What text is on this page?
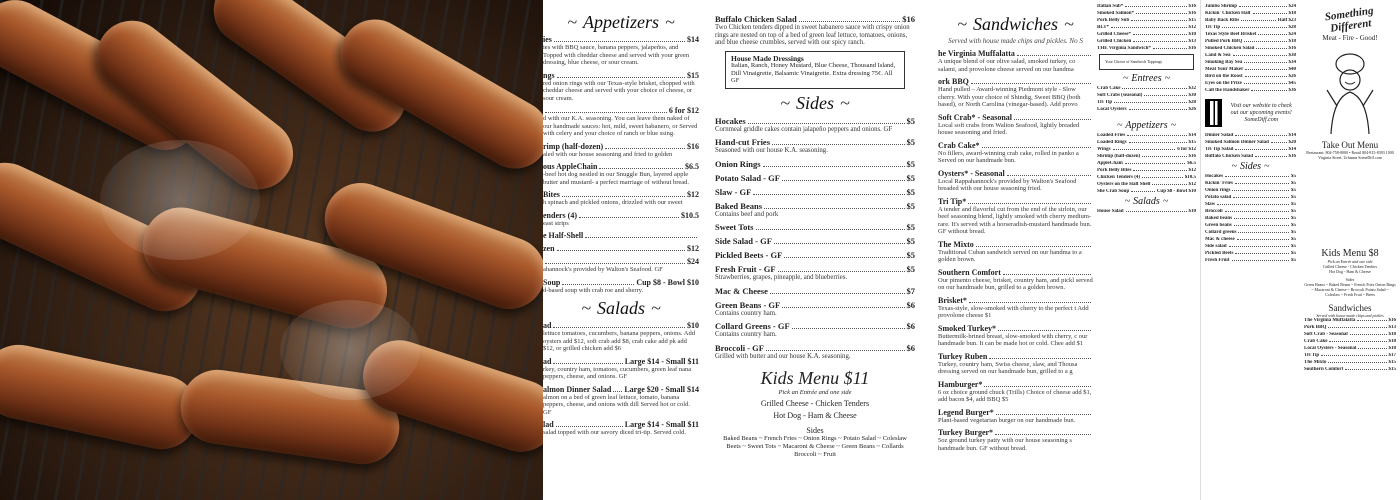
~ Appetizers ~
ies	$14
ies with BBQ sauce, banana peppers, jalapeños, and Topped with cheddar cheese and served with your green dressing, blue cheese, or sour cream.
ngs	$15
red onion rings with our Texas-style brisket, chopped with cheddar cheese and served with your choice of cheese, or sour cream.
6 for $12
d with our K.A. seasoning. You can leave them naked of our handmade sauces: hot, mild, sweet habanero, or Served with celery and your choice of ranch or blue ssing.
rimp (half-dozen)	$16
aled with our house seasoning and fried to golden
ous AppleChain	$6.5
-beef hot dog nestled in our Snuggle Bun, layered apple butter and mustard- a perfect marriage of without bread.
Bites	$12
h spinach and pickled onions, drizzled with our sweet
enders (4)	$10.5
east strips
e Half-Shell
zen	$12
$24
ahannock's provided by Walton's Seafood. GF
Soup	Cup $8 - Bowl $10
d-based soup with crab roe and sherry.
~ Salads ~
ad	$10
lettuce tomatoes, cucumbers, banana peppers, onions. Add oysters add $12, soft crab add $8, crab cake add pk add $12, or grilled chicken add $6
ad	Large $14 - Small $11
rkey, country ham, tomatoes, cucumbers, green leaf nana peppers, cheese, and onions. GF
almon Dinner Salad Large $20 - Small $14
almon on a bed of green leaf lettuce, tomato, banana peppers, cheese, and onions with dill Served hot or cold. GF
lad	Large $14 - Small $11
salad topped with our savory diced tri-tip. Served cold.
Buffalo Chicken Salad	$16
Two Chicken tenders dipped in sweet habanero sauce with crispy onion rings are nested on top of a bed of green leaf lettuce, tomatoes, onions, and blue cheese crumbles, served with our spicy ranch.
House Made Dressings
Italian, Ranch, Honey Mustard, Blue Cheese, Thousand Island, Dill Vinaigrette, Balsamic Vinaigrette. Extra dressing 75¢. All GF
~ Sides ~
Hocakes	$5
Cornmeal griddle cakes contain jalapeño peppers and onions. GF
Hand-cut Fries	$5
Seasoned with our house K.A. seasoning.
Onion Rings	$5
Potato Salad - GF	$5
Slaw - GF	$5
Baked Beans	$5
Contains beef and pork
Sweet Tots	$5
Side Salad - GF	$5
Pickled Beets - GF	$5
Fresh Fruit - GF	$5
Strawberries, grapes, pineapple, and blueberries.
Mac & Cheese	$7
Green Beans - GF	$6
Contains country ham.
Collard Greens - GF	$6
Contains country ham.
Broccoli - GF	$6
Grilled with butter and our house K.A. seasoning.
Kids Menu $11
Pick an Entrée and one side
Grilled Cheese - Chicken Tenders
Hot Dog - Ham & Cheese
Sides
Baked Beans ~ French Fries ~ Onion Rings ~ Potato Salad ~ Coleslaw Beets ~ Sweet Tots ~ Macaroni & Cheese ~ Green Beans ~ Collards Broccoli ~ Fruit
~ Sandwiches ~
Served with house made chips and pickles. No S
he Virginia Muffalatta
A unique blend of our olive salad, smoked turkey, co salami, and provolone cheese served on our handma
ork BBQ
Hand pulled – Award-winning Piedmont style - Slow cherry. With your choice of Shindig, Sweet BBQ (both based), or North Carolina (vinegar-based). Add provo
Soft Crab* - Seasonal
Local soft crabs from Walton Seafood, lightly breaded house seasoning and fried.
Crab Cake*
No fillers, award-winning crab cake, rolled in panko a Served on our handmade bun.
Oysters* - Seasonal
Local Rappahannock's provided by Walton's Seafood breaded with our house seasoning fried.
Tri Tip*
A tender and flavorful cut from the end of the sirloin, our beef seasoning blend, lightly smoked with cherry medium-rare. It's served with a horseradish-mustard handmade bun. GF without bread.
The Mixto
Traditional Cuban sandwich served on our handma to a golden brown.
Southern Comfort
Our pimento cheese, brisket, country ham, and pickl served on our handmade bun, grilled to a golden brown.
Brisket*
Texas-style, slow-smoked with cherry to the perfect t Add provolone cheese $1
Smoked Turkey*
Buttermilk-brined breast, slow-smoked with cherry, c our handmade bun. It can be made hot or cold. Chee add $1
Turkey Ruben
Turkey, country ham, Swiss cheese, slaw, and Thousa dressing served on our handmade bun, grilled to a g
Hamburger*
6 oz choice ground chuck (Trills) Choice of cheese add $1, add bacon $4, add BBQ $5
Legend Burger*
Plant-based vegetarian burger on our handmade bun.
Turkey Burger*
5oz ground turkey patty with our house seasoning s handmade bun. GF without bread.
Italian Sub*	$16
Smoked Salmon*	$16
Pork Belly Sub	$15
BLT*	$12
Grilled Cheese*	$10
Grilled Chicken	$13
THE Virginia Sandwich*	$16
Your Choice of Sandwich Toppings
~ Entrees ~
Crab Cake	$32
Soft Crabs (seasonal)	$30
Tri Tip	$28
Local Oysters	$26
~ Appetizers ~
Loaded Fries	$14
Loaded Rings	$15
Wings	6 for $12
Shrimp (half-dozen)	$16
AppleChain	$6.5
Pork Belly Bites	$12
Chicken Tenders (4)	$10.5
Oysters on the Half Shell	$12
She Crab Soup	Cup $8 - Bowl $10
~ Salads ~
House Salad	$10
Jumbo Shrimp	$24
Kickin' Chicken Half	$18
Baby Back Ribs	Half $23
Tri Tip	$28
Texas Style Beef Brisket	$24
Pulled Pork BBQ	$18
Smoked Chicken Salad	$16
Land & Sea	$38
Smoking Bay Sea	$34
Meat Your Maker	$40
Bird on the Roost	$26
Eyes on the Prize	$45
Call the Handshaker	$36
Visit our website to check out our upcoming events!
SomeDiff.com
Dinner Salad	$14
Smoked Salmon Dinner Salad	$20
Tri Tip Salad	$14
Buffalo Chicken Salad	$16
~ Sides ~
Hocakes	$5
Kickin' Fries	$5
Onion rings	$5
Potato salad	$5
Slaw	$5
Broccoli	$5
Baked beans	$5
Green beans	$5
Collard greens	$5
Mac & cheese	$5
Side salad	$5
Pickled Beets	$5
Fresh Fruit	$5
Something Different
Meat - Fire - Good!
Take Out Menu
Restaurant: 804-758-8000 • Retail 804-815-8393 1000 Virginia Street, Urbanna SomeDiff.com
Kids Menu $8
Pick an Entrée and one side
Grilled Cheese - Chicken Tenders
Hot Dog - Ham & Cheese
Sides
Green Beans ~ Baked Beans ~ French Fries Onion Rings ~ Macaroni & Cheese ~ Broccoli Potato Salad ~ Coleslaw ~ Fresh Fruit ~ Beets
Sandwiches
Served with house made chips and pickles
The Virginia Muffalatta	$16
Pork BBQ	$13
Soft Crab - Seasonal	$18
Crab Cake	$18
Local Oysters - Seasonal	$18
Tri Tip	$17
The Mixto	$15
Southern Comfort	$15
